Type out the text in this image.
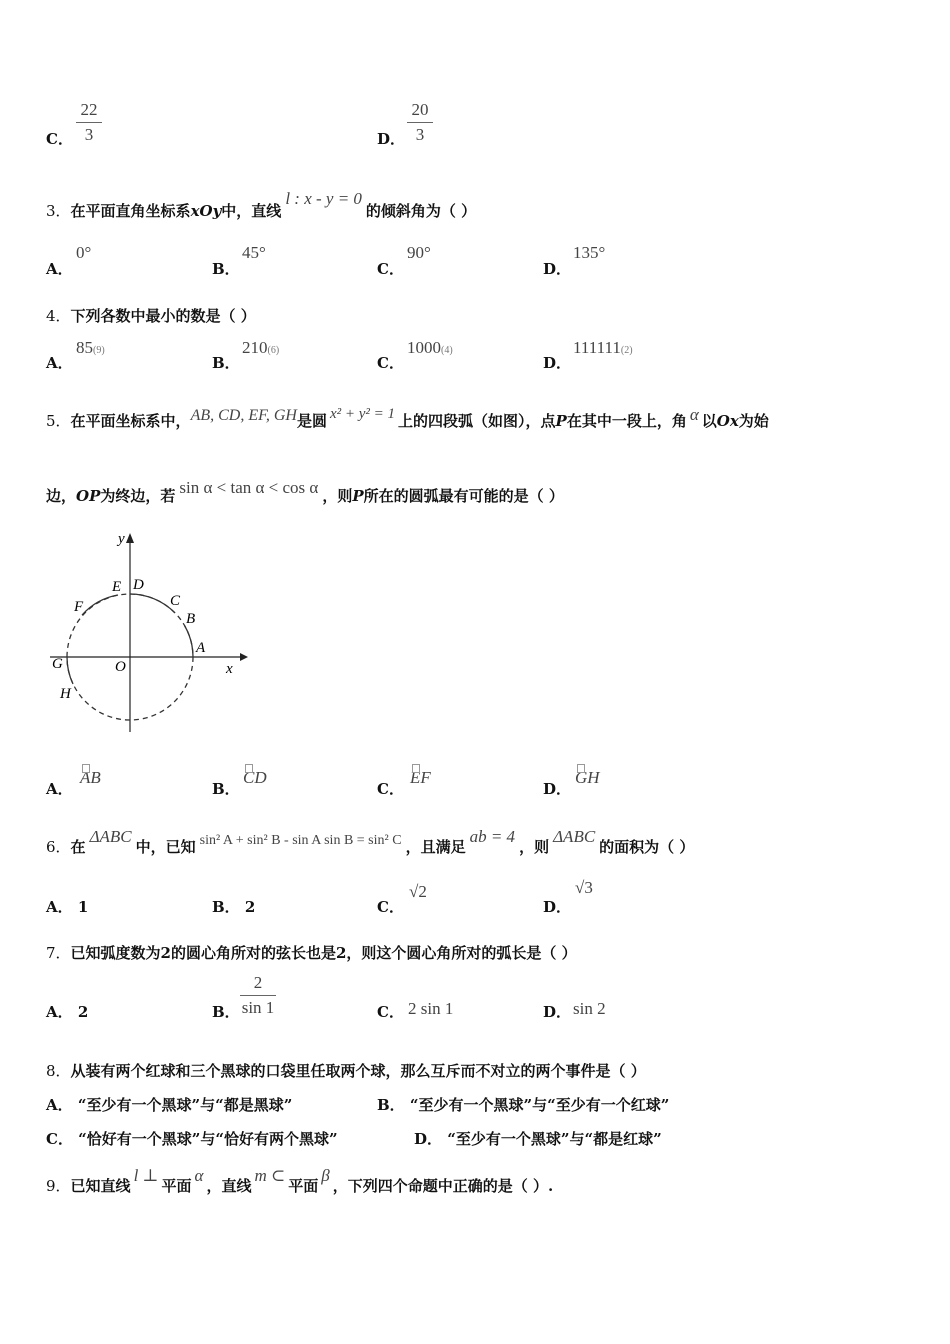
C．
22
3	D．
20
3
3．在平面直角坐标系xOy中，直线l : x - y = 0的倾斜角为（ ）
A．
0°
B．
45°
C．
90°
D．
135°
4．下列各数中最小的数是（ ）
A．
85(9)
B．
210(6)
C．
1000(4)
D．
111111(2)
5．在平面坐标系中，AB, CD, EF, GH是圆 x² + y² = 1 上的四段弧（如图），点P在其中一段上，角 α 以Ox为始
边，OP为终边，若 sin α < tan α < cos α ，则P所在的圆弧最有可能的是（ ）
y
x
O
A
B
C
D
E
F
G
H
A．
AB
B．
CD
C．
EF
D．
GH
6．在ΔABC中，已知 sin² A + sin² B - sin A sin B = sin² C ，且满足ab = 4，则ΔABC的面积为（ ）
A． 1	B． 2	C．
√2
D．
√3
7．已知弧度数为2的圆心角所对的弦长也是2，则这个圆心角所对的弧长是（ ）
A． 2	B．
2
sin 1	C． 2 sin 1	D． sin 2
8．从装有两个红球和三个黑球的口袋里任取两个球，那么互斥而不对立的两个事件是（ ）
A． “至少有一个黑球”与“都是黑球”	B． “至少有一个黑球”与“至少有一个红球”
C． “恰好有一个黑球”与“恰好有两个黑球”	D． “至少有一个黑球”与“都是红球”
9．已知直线l ⊥平面α，直线m ⊂平面β，下列四个命题中正确的是（ ）.
